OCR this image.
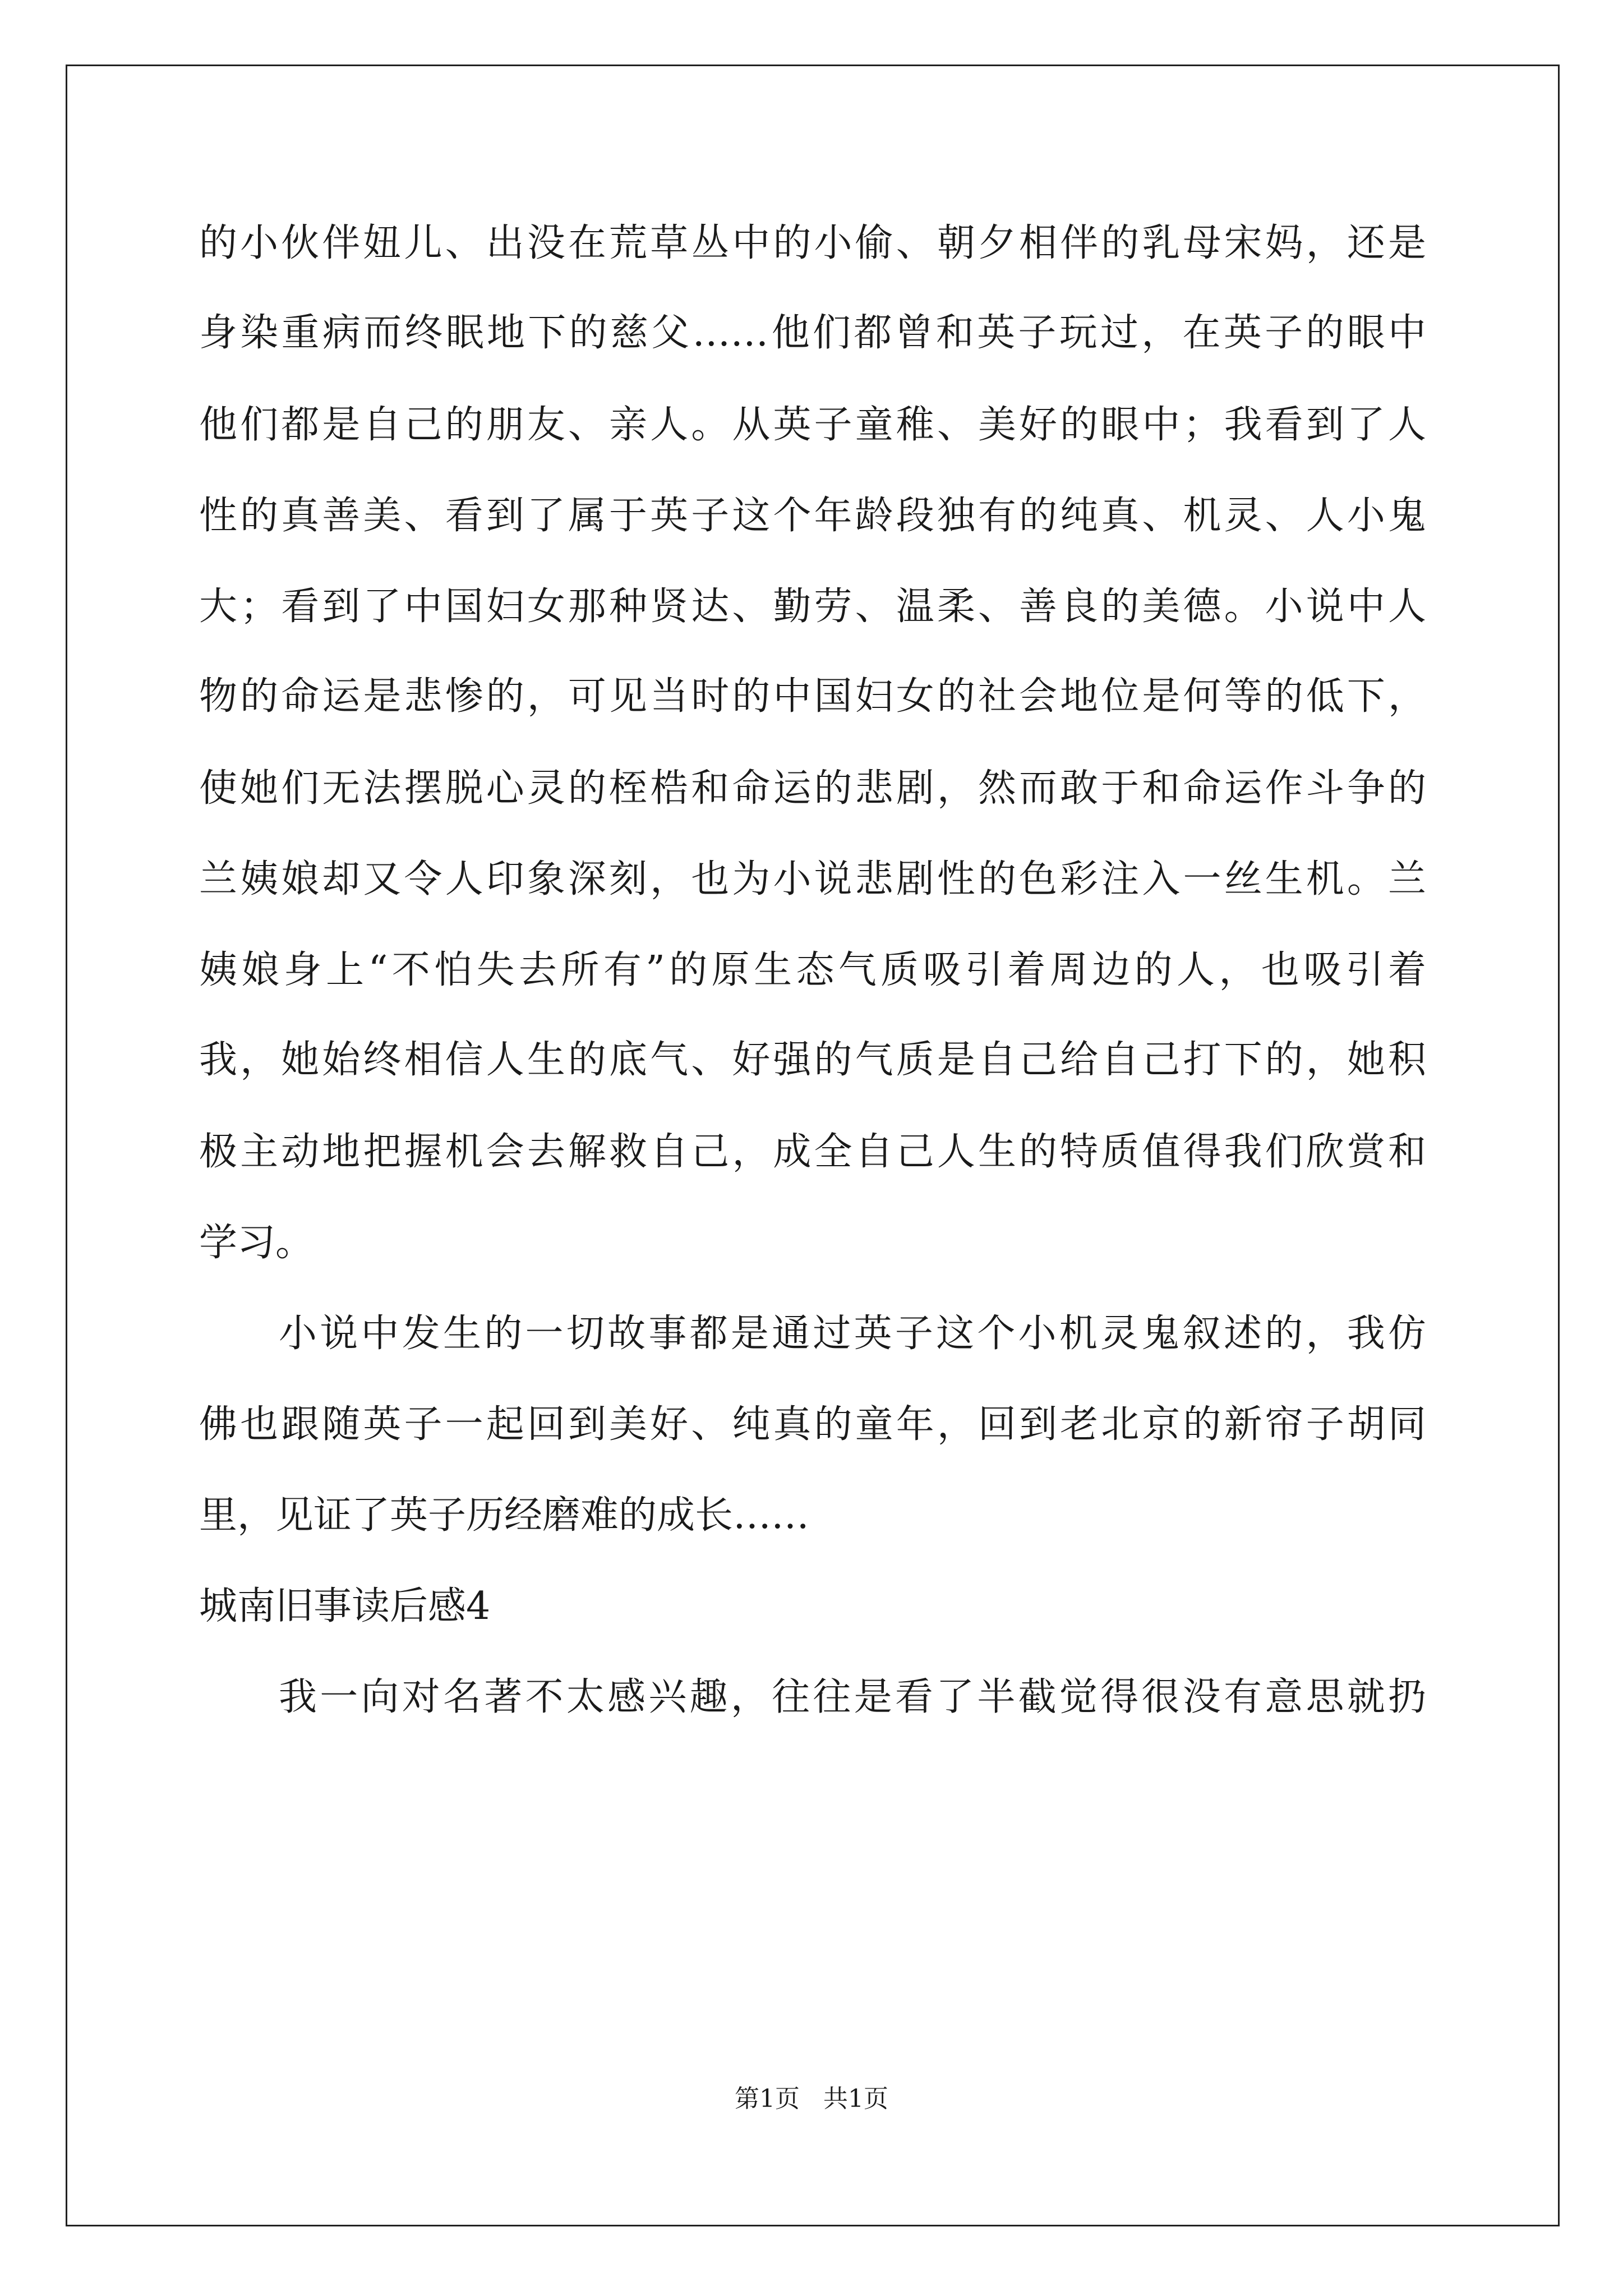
的小伙伴妞儿、出没在荒草丛中的小偷、朝夕相伴的乳母宋妈，还是
身染重病而终眠地下的慈父……他们都曾和英子玩过，在英子的眼中
他们都是自己的朋友、亲人。从英子童稚、美好的眼中；我看到了人
性的真善美、看到了属于英子这个年龄段独有的纯真、机灵、人小鬼
大；看到了中国妇女那种贤达、勤劳、温柔、善良的美德。小说中人
物的命运是悲惨的，可见当时的中国妇女的社会地位是何等的低下，
使她们无法摆脱心灵的桎梏和命运的悲剧，然而敢于和命运作斗争的
兰姨娘却又令人印象深刻，也为小说悲剧性的色彩注入一丝生机。兰
姨娘身上“不怕失去所有”的原生态气质吸引着周边的人，也吸引着
我，她始终相信人生的底气、好强的气质是自己给自己打下的，她积
极主动地把握机会去解救自己，成全自己人生的特质值得我们欣赏和
学习。
小说中发生的一切故事都是通过英子这个小机灵鬼叙述的，我仿
佛也跟随英子一起回到美好、纯真的童年，回到老北京的新帘子胡同
里，见证了英子历经磨难的成长……
城南旧事读后感4
我一向对名著不太感兴趣，往往是看了半截觉得很没有意思就扔
第1页   共1页
